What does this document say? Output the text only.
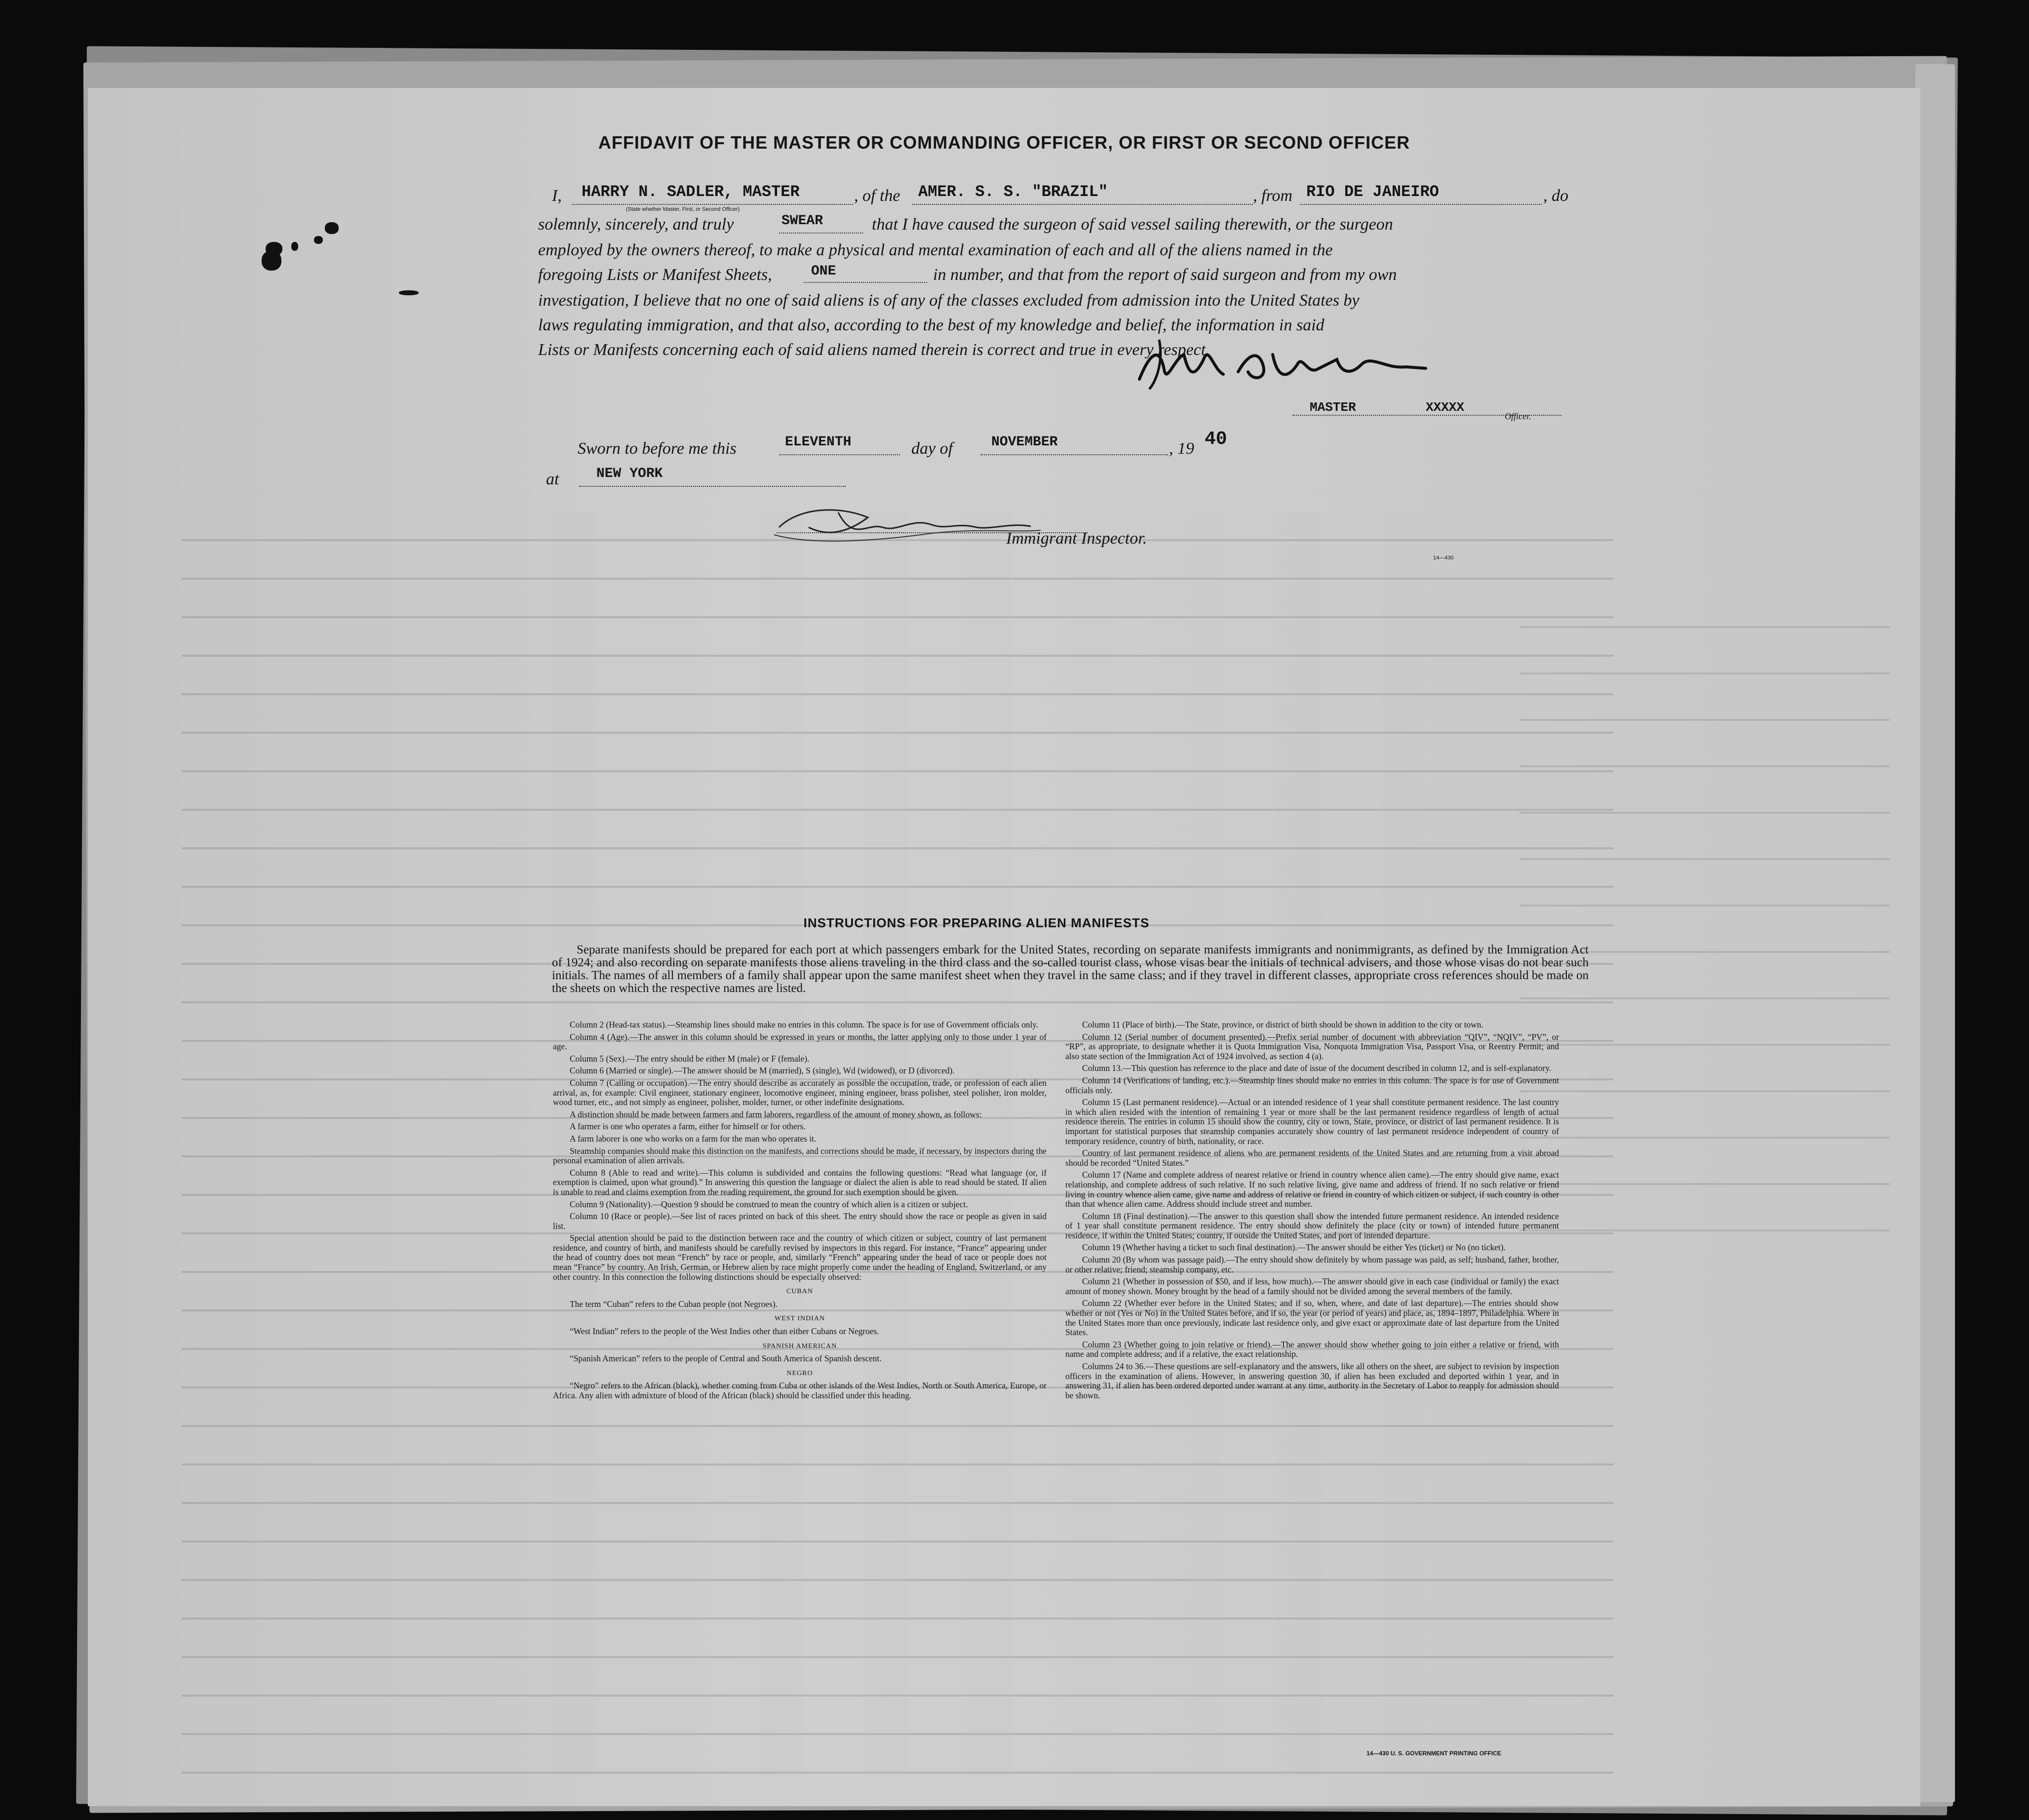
AFFIDAVIT OF THE MASTER OR COMMANDING OFFICER, OR FIRST OR SECOND OFFICER
I, HARRY N. SADLER, MASTER
(State whether Master, First, or Second Officer)
, of the AMER. S. S. "BRAZIL"	, from RIO DE JANEIRO	, do
solemnly, sincerely, and truly	SWEAR	that I have caused the surgeon of said vessel sailing therewith, or the surgeon
employed by the owners thereof, to make a physical and mental examination of each and all of the aliens named in the
foregoing Lists or Manifest Sheets,	ONE	in number, and that from the report of said surgeon and from my own
investigation, I believe that no one of said aliens is of any of the classes excluded from admission into the United States by
laws regulating immigration, and that also, according to the best of my knowledge and belief, the information in said
Lists or Manifests concerning each of said aliens named therein is correct and true in every respect.
MASTER	XXXXX
Officer.
Sworn to before me this	ELEVENTH	day of	NOVEMBER	, 19 40
at	NEW YORK
Immigrant Inspector.
14—430
INSTRUCTIONS FOR PREPARING ALIEN MANIFESTS
Separate manifests should be prepared for each port at which passengers embark for the United States, recording on separate manifests immigrants and nonimmigrants, as defined by the Immigration Act of 1924; and also recording on separate manifests those aliens traveling in the third class and the so-called tourist class, whose visas bear the initials of technical advisers, and those whose visas do not bear such initials. The names of all members of a family shall appear upon the same manifest sheet when they travel in the same class; and if they travel in different classes, appropriate cross references should be made on the sheets on which the respective names are listed.

Column 2 (Head-tax status).—Steamship lines should make no entries in this column. The space is for use of Government officials only.

Column 4 (Age).—The answer in this column should be expressed in years or months, the latter applying only to those under 1 year of age.

Column 5 (Sex).—The entry should be either M (male) or F (female).

Column 6 (Married or single).—The answer should be M (married), S (single), Wd (widowed), or D (divorced).

Column 7 (Calling or occupation).—The entry should describe as accurately as possible the occupation, trade, or profession of each alien arrival, as, for example: Civil engineer, stationary engineer, locomotive engineer, mining engineer, brass polisher, steel polisher, iron molder, wood turner, etc., and not simply as engineer, polisher, molder, turner, or other indefinite designations.

A distinction should be made between farmers and farm laborers, regardless of the amount of money shown, as follows:

A farmer is one who operates a farm, either for himself or for others.

A farm laborer is one who works on a farm for the man who operates it.

Steamship companies should make this distinction on the manifests, and corrections should be made, if necessary, by inspectors during the personal examination of alien arrivals.

Column 8 (Able to read and write).—This column is subdivided and contains the following questions: “Read what language (or, if exemption is claimed, upon what ground).” In answering this question the language or dialect the alien is able to read should be stated. If alien is unable to read and claims exemption from the reading requirement, the ground for such exemption should be given.

Column 9 (Nationality).—Question 9 should be construed to mean the country of which alien is a citizen or subject.

Column 10 (Race or people).—See list of races printed on back of this sheet. The entry should show the race or people as given in said list.

Special attention should be paid to the distinction between race and the country of which citizen or subject, country of last permanent residence, and country of birth, and manifests should be carefully revised by inspectors in this regard. For instance, “France” appearing under the head of country does not mean “French” by race or people, and, similarly “French” appearing under the head of race or people does not mean “France” by country. An Irish, German, or Hebrew alien by race might properly come under the heading of England, Switzerland, or any other country. In this connection the following distinctions should be especially observed:

CUBAN

The term “Cuban” refers to the Cuban people (not Negroes).

WEST INDIAN

“West Indian” refers to the people of the West Indies other than either Cubans or Negroes.

SPANISH AMERICAN

“Spanish American” refers to the people of Central and South America of Spanish descent.

NEGRO

“Negro” refers to the African (black), whether coming from Cuba or other islands of the West Indies, North or South America, Europe, or Africa. Any alien with admixture of blood of the African (black) should be classified under this heading.

Column 11 (Place of birth).—The State, province, or district of birth should be shown in addition to the city or town.

Column 12 (Serial number of document presented).—Prefix serial number of document with abbreviation “QIV”, “NQIV”, “PV”, or “RP”, as appropriate, to designate whether it is Quota Immigration Visa, Nonquota Immigration Visa, Passport Visa, or Reentry Permit; and also state section of the Immigration Act of 1924 involved, as section 4 (a).

Column 13.—This question has reference to the place and date of issue of the document described in column 12, and is self-explanatory.

Column 14 (Verifications of landing, etc.).—Steamship lines should make no entries in this column. The space is for use of Government officials only.

Column 15 (Last permanent residence).—Actual or an intended residence of 1 year shall constitute permanent residence. The last country in which alien resided with the intention of remaining 1 year or more shall be the last permanent residence regardless of length of actual residence therein. The entries in column 15 should show the country, city or town, State, province, or district of last permanent residence. It is important for statistical purposes that steamship companies accurately show country of last permanent residence independent of country of temporary residence, country of birth, nationality, or race.

Country of last permanent residence of aliens who are permanent residents of the United States and are returning from a visit abroad should be recorded “United States.”

Column 17 (Name and complete address of nearest relative or friend in country whence alien came).—The entry should give name, exact relationship, and complete address of such relative. If no such relative living, give name and address of friend. If no such relative or friend living in country whence alien came, give name and address of relative or friend in country of which citizen or subject, if such country is other than that whence alien came. Address should include street and number.

Column 18 (Final destination).—The answer to this question shall show the intended future permanent residence. An intended residence of 1 year shall constitute permanent residence. The entry should show definitely the place (city or town) of intended future permanent residence, if within the United States; country, if outside the United States, and port of intended departure.

Column 19 (Whether having a ticket to such final destination).—The answer should be either Yes (ticket) or No (no ticket).

Column 20 (By whom was passage paid).—The entry should show definitely by whom passage was paid, as self; husband, father, brother, or other relative; friend; steamship company, etc.

Column 21 (Whether in possession of $50, and if less, how much).—The answer should give in each case (individual or family) the exact amount of money shown. Money brought by the head of a family should not be divided among the several members of the family.

Column 22 (Whether ever before in the United States; and if so, when, where, and date of last departure).—The entries should show whether or not (Yes or No) in the United States before, and if so, the year (or period of years) and place, as, 1894–1897, Philadelphia. Where in the United States more than once previously, indicate last residence only, and give exact or approximate date of last departure from the United States.

Column 23 (Whether going to join relative or friend).—The answer should show whether going to join either a relative or friend, with name and complete address; and if a relative, the exact relationship.

Columns 24 to 36.—These questions are self-explanatory and the answers, like all others on the sheet, are subject to revision by inspection officers in the examination of aliens. However, in answering question 30, if alien has been excluded and deported within 1 year, and in answering 31, if alien has been ordered deported under warrant at any time, authority in the Secretary of Labor to reapply for admission should be shown.

14—430 U. S. GOVERNMENT PRINTING OFFICE
